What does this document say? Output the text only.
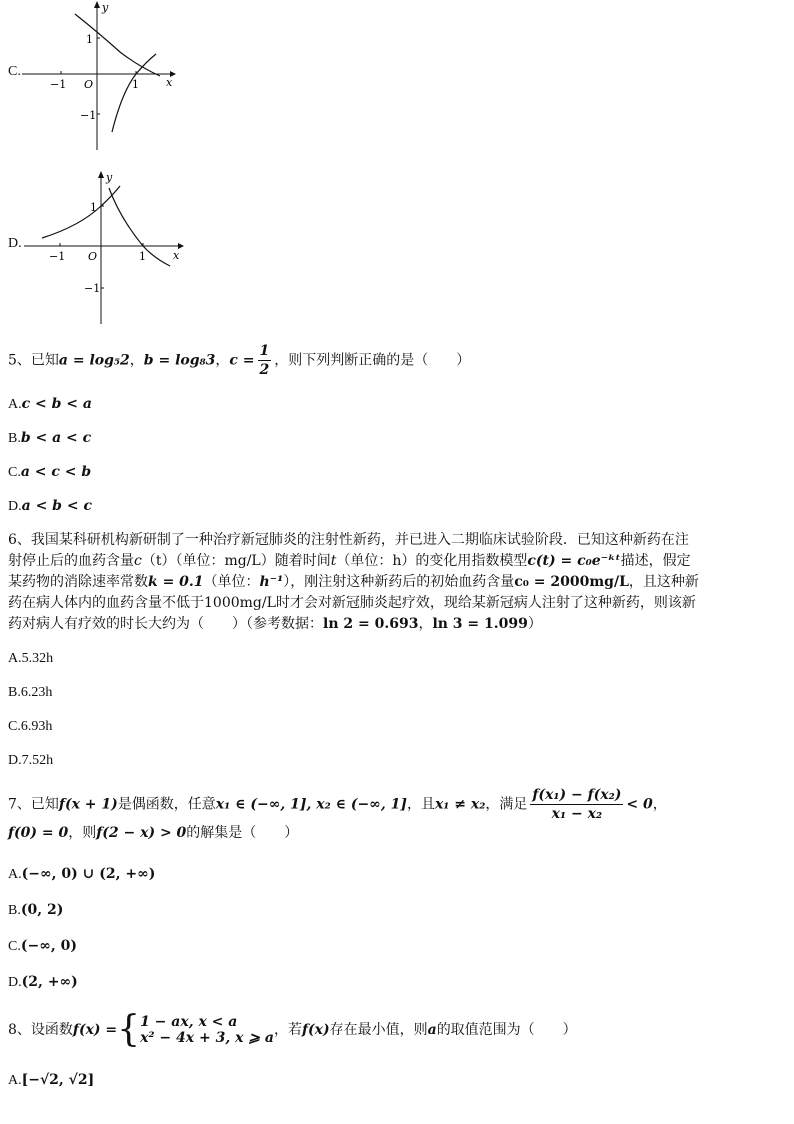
C.
y
x
O
−1	1
1
−1
D.
y
x
O
−1	1
1
−1
5、已知a = log₅2，b = log₈3，$c = \frac{1}{2}$ ，则下列判断正确的是（　　）
A.c < b < a
B.b < a < c
C.a < c < b
D.a < b < c
6、我国某科研机构新研制了一种治疗新冠肺炎的注射性新药，并已进入二期临床试验阶段．已知这种新药在注
射停止后的血药含量c（t）（单位：mg/L）随着时间t（单位：h）的变化用指数模型c(t) = c₀e⁻ᵏᵗ描述，假定
某药物的消除速率常数k = 0.1（单位：h⁻¹），刚注射这种新药后的初始血药含量c₀ = 2000mg/L，且这种新
药在病人体内的血药含量不低于1000mg/L时才会对新冠肺炎起疗效，现给某新冠病人注射了这种新药，则该新
药对病人有疗效的时长大约为（　　）（参考数据：ln 2 = 0.693，ln 3 = 1.099）
A.5.32h
B.6.23h
C.6.93h
D.7.52h
7、已知f(x + 1)是偶函数，任意x₁ ∈ (−∞, 1], x₂ ∈ (−∞, 1]，且x₁ ≠ x₂，满足 $\frac{\text{f(x₁) − f(x₂)}}{\text{x₁ − x₂}} < 0$，
f(0) = 0，则f(2 − x) > 0的解集是（　　）
A.(−∞, 0) ∪ (2, +∞)
B.(0, 2)
C.(−∞, 0)
D.(2, +∞)
8、设函数f(x) ={ 1 − ax, x < a
x² − 4x + 3, x ⩾ a ，若f(x)存在最小值，则a的取值范围为（　　）
A.[−√2, √2]
